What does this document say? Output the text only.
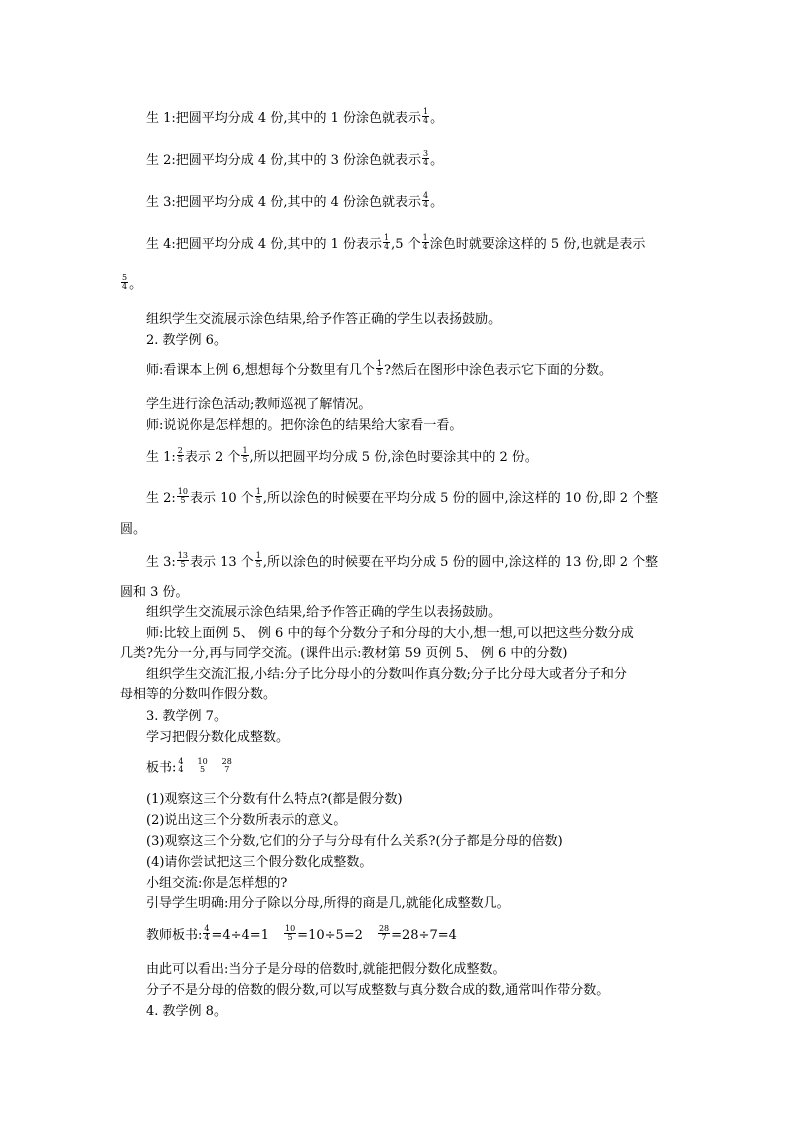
生 1:把圆平均分成 4 份,其中的 1 份涂色就表示 $\frac{1}{4}$ 。
生 2:把圆平均分成 4 份,其中的 3 份涂色就表示 $\frac{3}{4}$ 。
生 3:把圆平均分成 4 份,其中的 4 份涂色就表示 $\frac{4}{4}$ 。
生 4:把圆平均分成 4 份,其中的 1 份表示 $\frac{1}{4} ,5$ 个 $\frac{1}{4}$ 涂色时就要涂这样的 5 份,也就是表示
$\frac{5}{4}$ 。
组织学生交流展示涂色结果,给予作答正确的学生以表扬鼓励。
2. 教学例 6。
师:看课本上例 6,想想每个分数里有几个 $\frac{1}{5}$ ?然后在图形中涂色表示它下面的分数。
学生进行涂色活动;教师巡视了解情况。
师:说说你是怎样想的。把你涂色的结果给大家看一看。
生 1: $\frac{2}{5}$ 表示 2 个 $\frac{1}{5}$ ,所以把圆平均分成 5 份,涂色时要涂其中的 2 份。
生 2: $\frac{10}{5}$ 表示 10 个 $\frac{1}{5}$ ,所以涂色的时候要在平均分成 5 份的圆中,涂这样的 10 份,即 2 个整
圆。
生 3: $\frac{13}{5}$ 表示 13 个 $\frac{1}{5}$ ,所以涂色的时候要在平均分成 5 份的圆中,涂这样的 13 份,即 2 个整
圆和 3 份。
组织学生交流展示涂色结果,给予作答正确的学生以表扬鼓励。
师:比较上面例 5、 例 6 中的每个分数分子和分母的大小,想一想,可以把这些分数分成
几类?先分一分,再与同学交流。(课件出示:教材第 59 页例 5、 例 6 中的分数)
组织学生交流汇报,小结:分子比分母小的分数叫作真分数;分子比分母大或者分子和分
母相等的分数叫作假分数。
3. 教学例 7。
学习把假分数化成整数。
板书: 4
4
10
5
28
7
(1)观察这三个分数有什么特点?(都是假分数)
(2)说出这三个分数所表示的意义。
(3)观察这三个分数,它们的分子与分母有什么关系?(分子都是分母的倍数)
(4)请你尝试把这三个假分数化成整数。
小组交流:你是怎样想的?
引导学生明确:用分子除以分母,所得的商是几,就能化成整数几。
教师板书: $\frac{4}{4} =4\div 4=1 \frac{10}{5} =10\div 5=2 \frac{28}{7} =28\div 7=4$
由此可以看出:当分子是分母的倍数时,就能把假分数化成整数。
分子不是分母的倍数的假分数,可以写成整数与真分数合成的数,通常叫作带分数。
4. 教学例 8。
